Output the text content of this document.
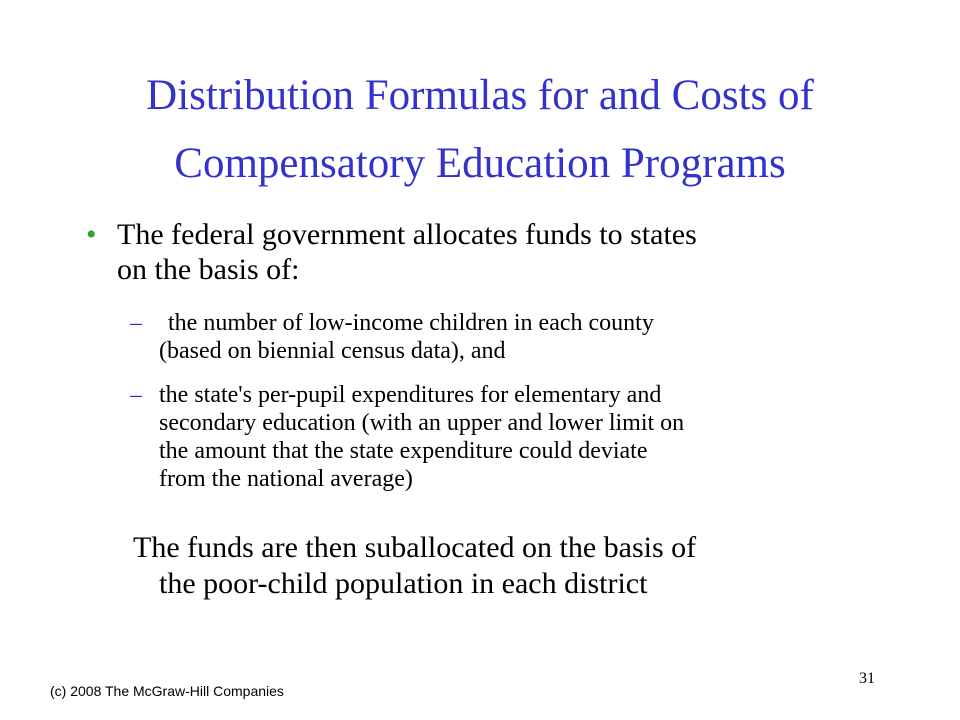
Distribution Formulas for and Costs of
Compensatory Education Programs
• The federal government allocates funds to states
on the basis of:
– the number of low-income children in each county
(based on biennial census data), and
– the state's per-pupil expenditures for elementary and
secondary education (with an upper and lower limit on
the amount that the state expenditure could deviate
from the national average)
The funds are then suballocated on the basis of
the poor-child population in each district
(c) 2008 The McGraw-Hill Companies
31
